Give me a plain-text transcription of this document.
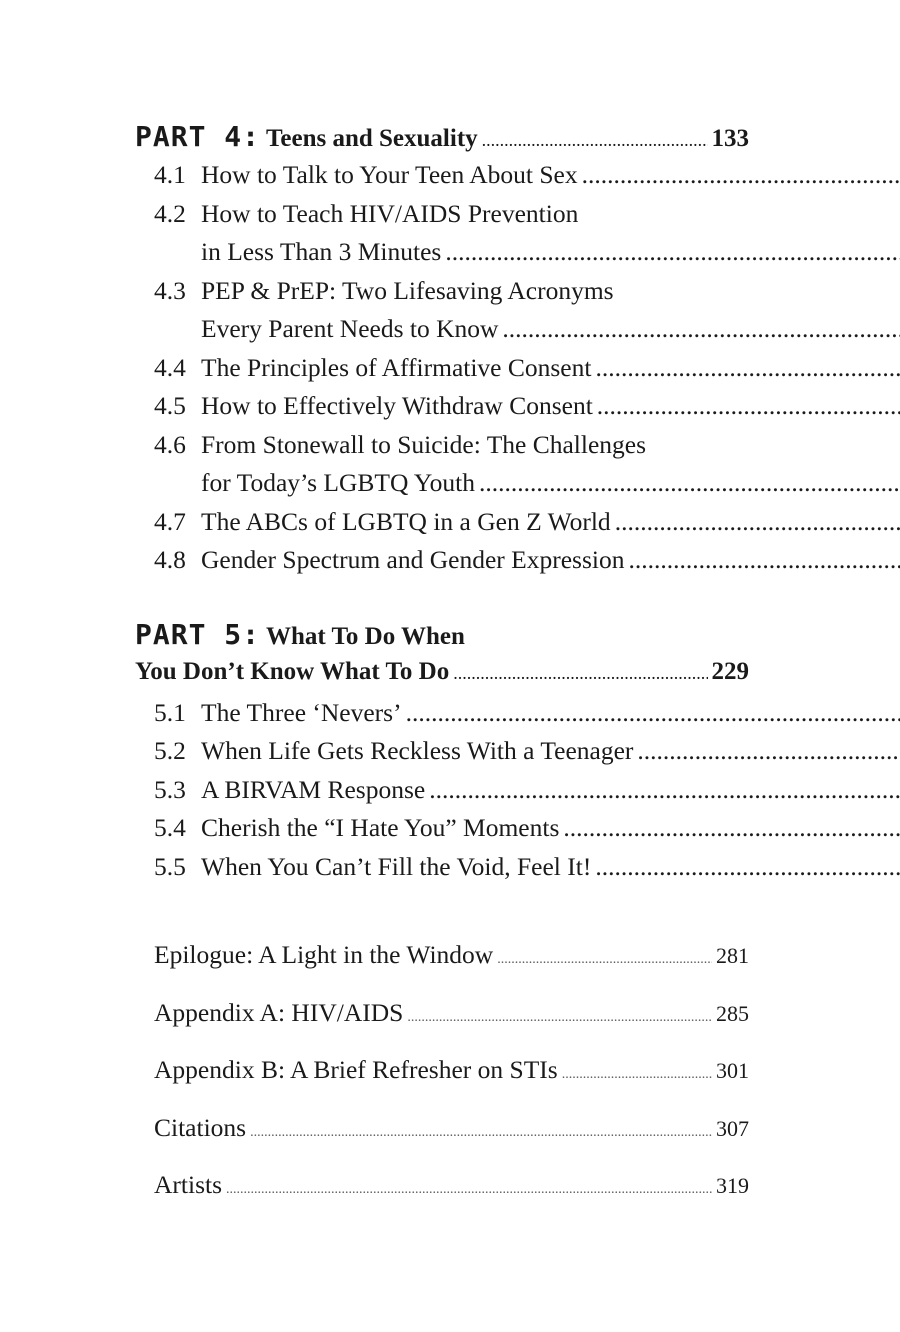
PART 4: Teens and Sexuality .....	133
4.1 How to Talk to Your Teen About Sex
.....
4.2 How to Teach HIV/AIDS Prevention
in Less Than 3 Minutes
.....
4.3 PEP & PrEP: Two Lifesaving Acronyms
Every Parent Needs to Know
.....
4.4 The Principles of Affirmative Consent
.....
4.5 How to Effectively Withdraw Consent
.....
4.6 From Stonewall to Suicide: The Challenges
for Today’s LGBTQ Youth
.....
4.7 The ABCs of LGBTQ in a Gen Z World
.....
4.8 Gender Spectrum and Gender Expression
.....
PART 5: What To Do When
You Don’t Know What To Do .....	229
5.1 The Three ‘Nevers’
.....
5.2 When Life Gets Reckless With a Teenager
.....
5.3 A BIRVAM Response
.....
5.4 Cherish the “I Hate You” Moments
.....
5.5 When You Can’t Fill the Void, Feel It!
.....
Epilogue: A Light in the Window .....	281
Appendix A: HIV/AIDS .....	285
Appendix B: A Brief Refresher on STIs .....	301
Citations .....	307
Artists .....	319
